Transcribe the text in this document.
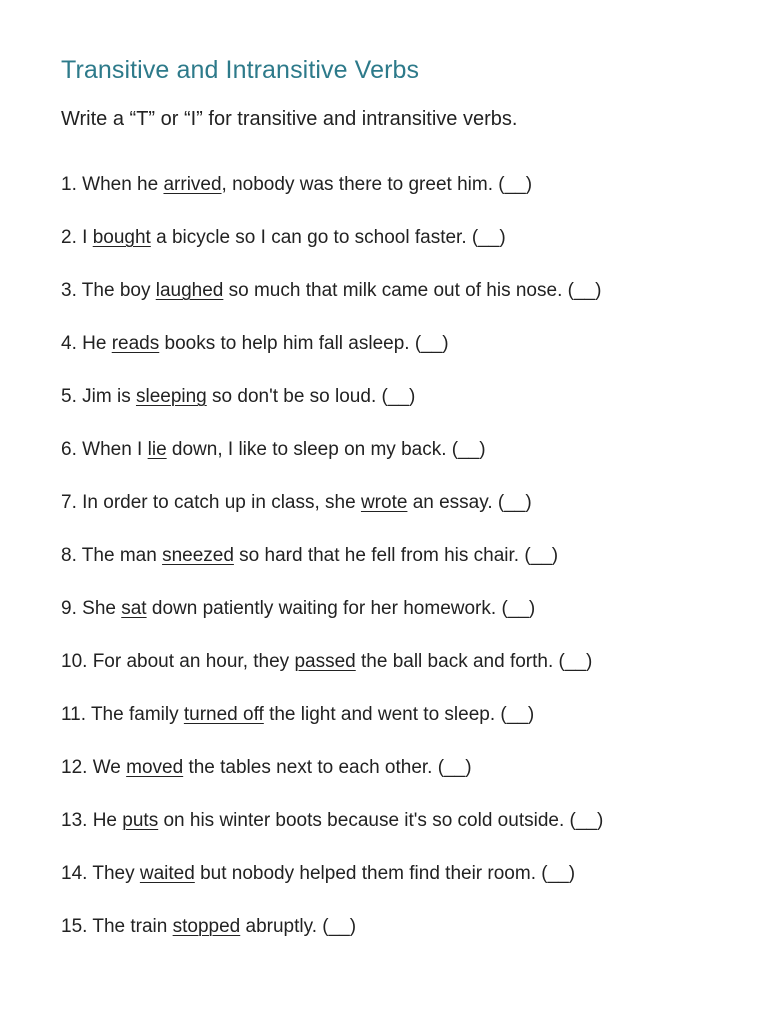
Transitive and Intransitive Verbs

Write a “T” or “I” for transitive and intransitive verbs.

1. When he arrived, nobody was there to greet him. (__)
2. I bought a bicycle so I can go to school faster. (__)
3. The boy laughed so much that milk came out of his nose. (__)
4. He reads books to help him fall asleep. (__)
5. Jim is sleeping so don't be so loud. (__)
6. When I lie down, I like to sleep on my back. (__)
7. In order to catch up in class, she wrote an essay. (__)
8. The man sneezed so hard that he fell from his chair. (__)
9. She sat down patiently waiting for her homework. (__)
10. For about an hour, they passed the ball back and forth. (__)
11. The family turned off the light and went to sleep. (__)
12. We moved the tables next to each other. (__)
13. He puts on his winter boots because it's so cold outside. (__)
14. They waited but nobody helped them find their room. (__)
15. The train stopped abruptly. (__)
